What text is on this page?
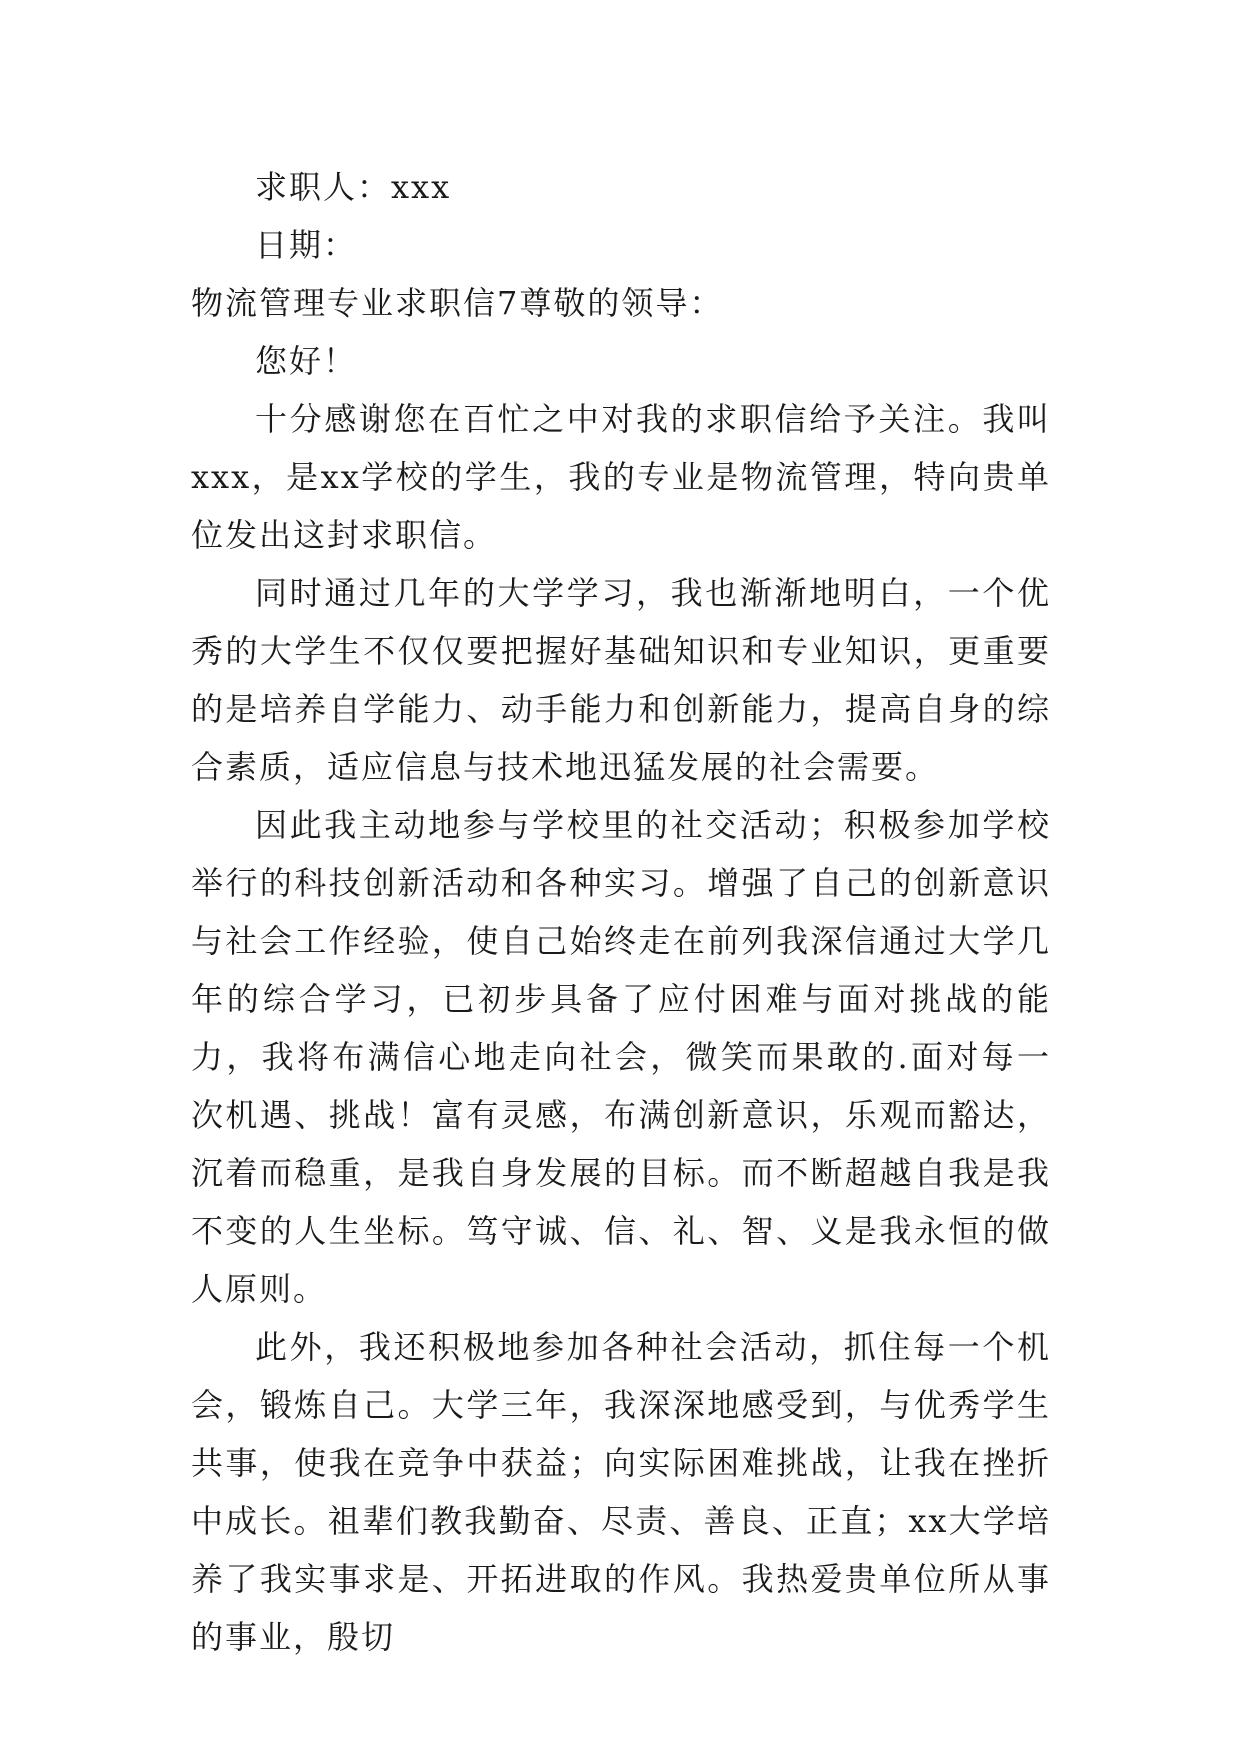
求职人：xxx

日期：

物流管理专业求职信7尊敬的领导：

您好！

十分感谢您在百忙之中对我的求职信给予关注。我叫xxx，是xx学校的学生，我的专业是物流管理，特向贵单位发出这封求职信。

同时通过几年的大学学习，我也渐渐地明白，一个优秀的大学生不仅仅要把握好基础知识和专业知识，更重要的是培养自学能力、动手能力和创新能力，提高自身的综合素质，适应信息与技术地迅猛发展的社会需要。

因此我主动地参与学校里的社交活动；积极参加学校举行的科技创新活动和各种实习。增强了自己的创新意识与社会工作经验，使自己始终走在前列我深信通过大学几年的综合学习，已初步具备了应付困难与面对挑战的能力，我将布满信心地走向社会，微笑而果敢的.面对每一次机遇、挑战！富有灵感，布满创新意识，乐观而豁达，沉着而稳重，是我自身发展的目标。而不断超越自我是我不变的人生坐标。笃守诚、信、礼、智、义是我永恒的做人原则。

此外，我还积极地参加各种社会活动，抓住每一个机会，锻炼自己。大学三年，我深深地感受到，与优秀学生共事，使我在竞争中获益；向实际困难挑战，让我在挫折中成长。祖辈们教我勤奋、尽责、善良、正直；xx大学培养了我实事求是、开拓进取的作风。我热爱贵单位所从事的事业，殷切
